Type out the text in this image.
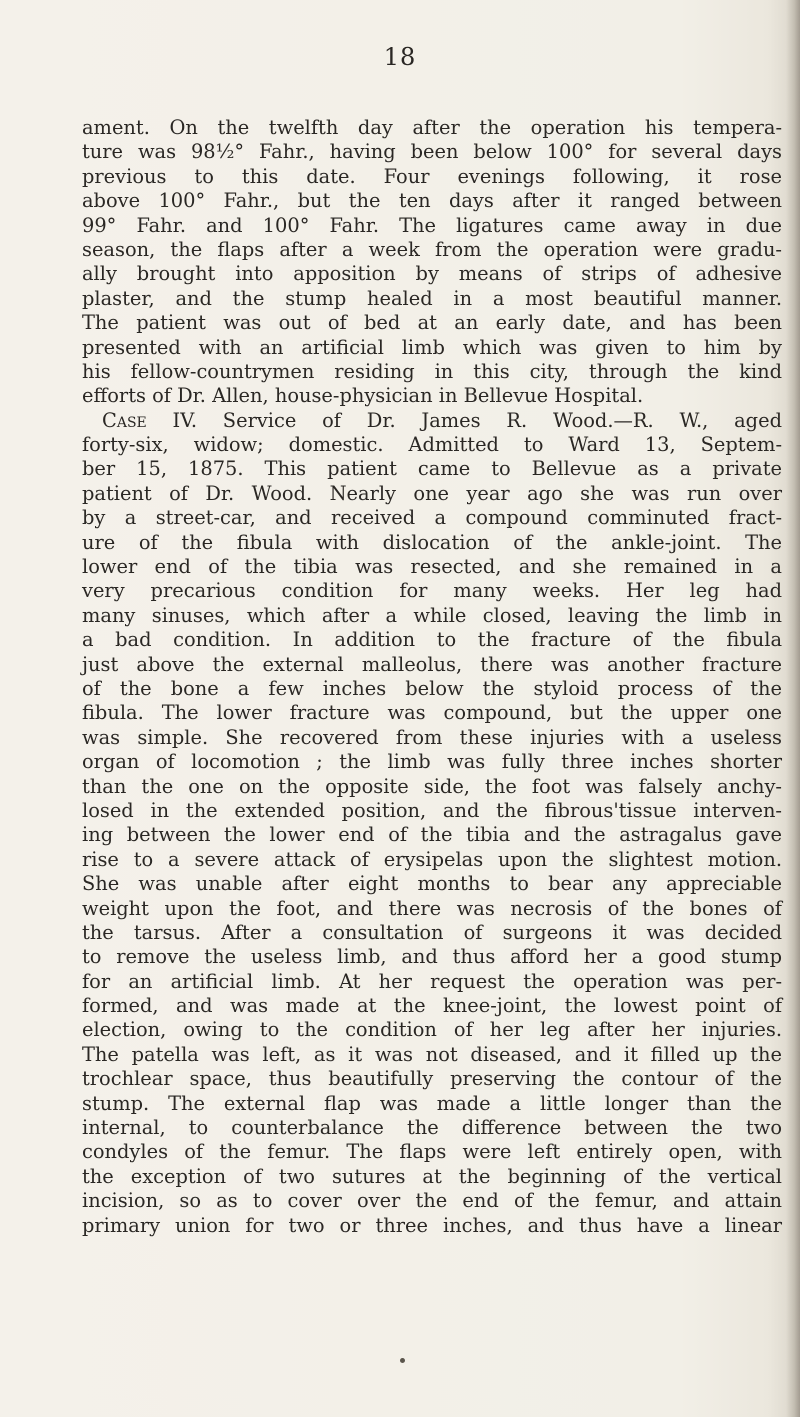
18
ament. On the twelfth day after the operation his tempera-
ture was 98½° Fahr., having been below 100° for several days
previous to this date. Four evenings following, it rose
above 100° Fahr., but the ten days after it ranged between
99° Fahr. and 100° Fahr. The ligatures came away in due
season, the flaps after a week from the operation were gradu-
ally brought into apposition by means of strips of adhesive
plaster, and the stump healed in a most beautiful manner.
The patient was out of bed at an early date, and has been
presented with an artificial limb which was given to him by
his fellow-countrymen residing in this city, through the kind
efforts of Dr. Allen, house-physician in Bellevue Hospital.
Case IV. Service of Dr. James R. Wood.—R. W., aged
forty-six, widow; domestic. Admitted to Ward 13, Septem-
ber 15, 1875. This patient came to Bellevue as a private
patient of Dr. Wood. Nearly one year ago she was run over
by a street-car, and received a compound comminuted fract-
ure of the fibula with dislocation of the ankle-joint. The
lower end of the tibia was resected, and she remained in a
very precarious condition for many weeks. Her leg had
many sinuses, which after a while closed, leaving the limb in
a bad condition. In addition to the fracture of the fibula
just above the external malleolus, there was another fracture
of the bone a few inches below the styloid process of the
fibula. The lower fracture was compound, but the upper one
was simple. She recovered from these injuries with a useless
organ of locomotion ; the limb was fully three inches shorter
than the one on the opposite side, the foot was falsely anchy-
losed in the extended position, and the fibrous'tissue interven-
ing between the lower end of the tibia and the astragalus gave
rise to a severe attack of erysipelas upon the slightest motion.
She was unable after eight months to bear any appreciable
weight upon the foot, and there was necrosis of the bones of
the tarsus. After a consultation of surgeons it was decided
to remove the useless limb, and thus afford her a good stump
for an artificial limb. At her request the operation was per-
formed, and was made at the knee-joint, the lowest point of
election, owing to the condition of her leg after her injuries.
The patella was left, as it was not diseased, and it filled up the
trochlear space, thus beautifully preserving the contour of the
stump. The external flap was made a little longer than the
internal, to counterbalance the difference between the two
condyles of the femur. The flaps were left entirely open, with
the exception of two sutures at the beginning of the vertical
incision, so as to cover over the end of the femur, and attain
primary union for two or three inches, and thus have a linear
